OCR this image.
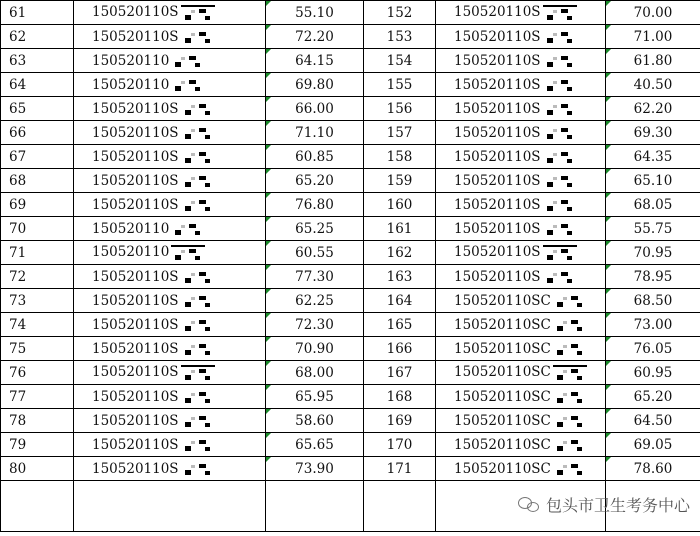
61	150520110S	55.10	152	150520110S	70.00
62	150520110S	72.20	153	150520110S	71.00
63	150520110	64.15	154	150520110S	61.80
64	150520110	69.80	155	150520110S	40.50
65	150520110S	66.00	156	150520110S	62.20
66	150520110S	71.10	157	150520110S	69.30
67	150520110S	60.85	158	150520110S	64.35
68	150520110S	65.20	159	150520110S	65.10
69	150520110S	76.80	160	150520110S	68.05
70	150520110	65.25	161	150520110S	55.75
71	150520110	60.55	162	150520110S	70.95
72	150520110S	77.30	163	150520110S	78.95
73	150520110S	62.25	164	150520110SC	68.50
74	150520110S	72.30	165	150520110SC	73.00
75	150520110S	70.90	166	150520110SC	76.05
76	150520110S	68.00	167	150520110SC	60.95
77	150520110S	65.95	168	150520110SC	65.20
78	150520110S	58.60	169	150520110SC	64.50
79	150520110S	65.65	170	150520110SC	69.05
80	150520110S	73.90	171	150520110SC	78.60

包头市卫生考务中心
